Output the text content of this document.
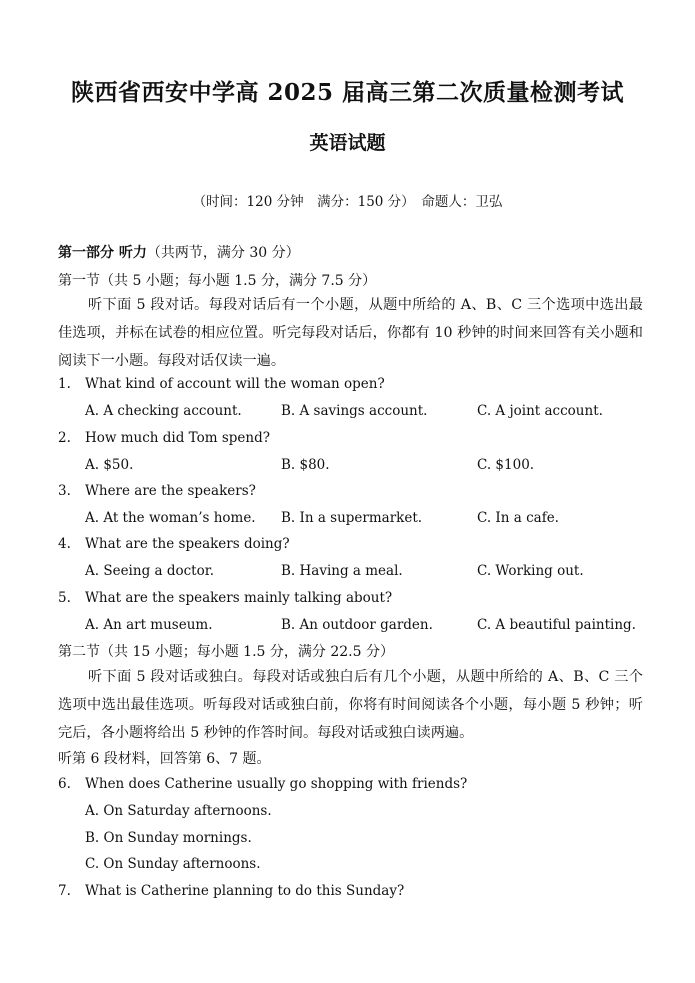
陕西省西安中学高 2025 届高三第二次质量检测考试
英语试题
（时间：120 分钟　满分：150 分）　命题人：卫弘
第一部分 听力（共两节，满分 30 分）
第一节（共 5 小题；每小题 1.5 分，满分 7.5 分）
听下面 5 段对话。每段对话后有一个小题，从题中所给的 A、B、C 三个选项中选出最佳选项，并标在试卷的相应位置。听完每段对话后，你都有 10 秒钟的时间来回答有关小题和阅读下一小题。每段对话仅读一遍。
1. What kind of account will the woman open?
A. A checking account.	B. A savings account.	C. A joint account.
2. How much did Tom spend?
A. $50.	B. $80.	C. $100.
3. Where are the speakers?
A. At the woman’s home. B. In a supermarket.	C. In a cafe.
4. What are the speakers doing?
A. Seeing a doctor.	B. Having a meal.	C. Working out.
5. What are the speakers mainly talking about?
A. An art museum.	B. An outdoor garden.	C. A beautiful painting.
第二节（共 15 小题；每小题 1.5 分，满分 22.5 分）
听下面 5 段对话或独白。每段对话或独白后有几个小题，从题中所给的 A、B、C 三个选项中选出最佳选项。听每段对话或独白前，你将有时间阅读各个小题，每小题 5 秒钟；听完后，各小题将给出 5 秒钟的作答时间。每段对话或独白读两遍。
听第 6 段材料，回答第 6、7 题。
6. When does Catherine usually go shopping with friends?
A. On Saturday afternoons.
B. On Sunday mornings.
C. On Sunday afternoons.
7. What is Catherine planning to do this Sunday?
